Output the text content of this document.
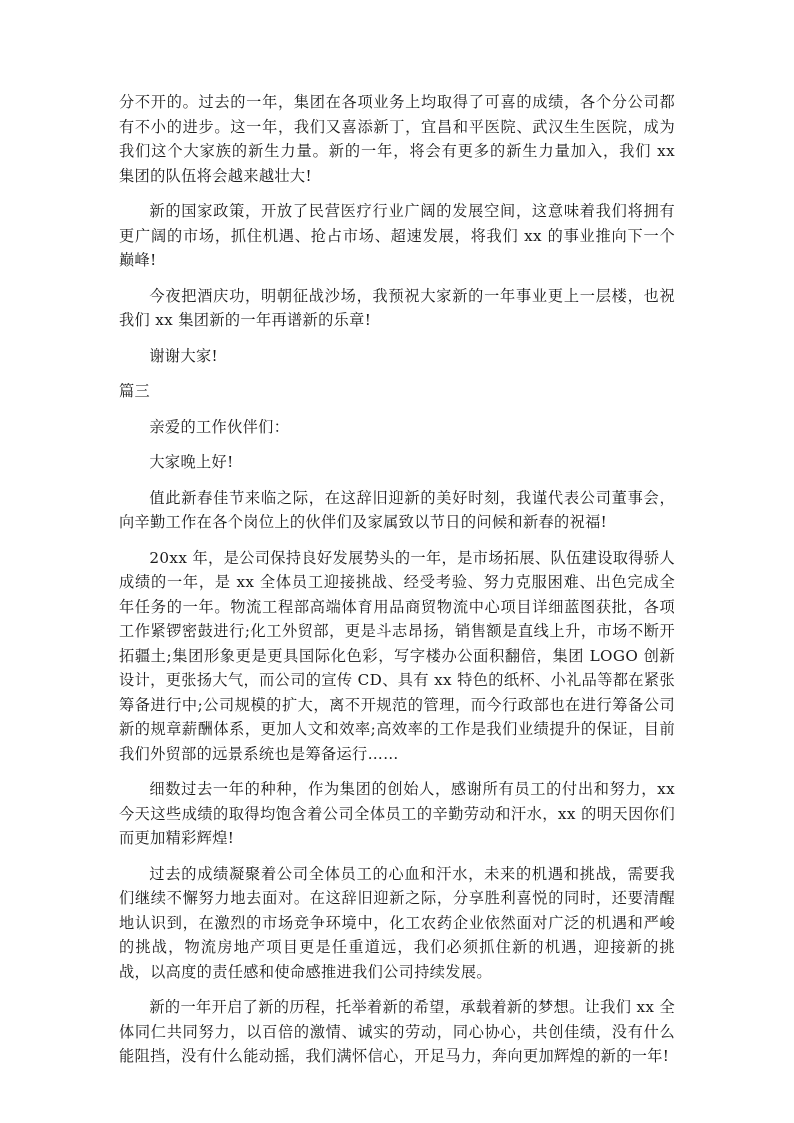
分不开的。过去的一年，集团在各项业务上均取得了可喜的成绩，各个分公司都有不小的进步。这一年，我们又喜添新丁，宜昌和平医院、武汉生生医院，成为我们这个大家族的新生力量。新的一年，将会有更多的新生力量加入，我们 xx 集团的队伍将会越来越壮大!

新的国家政策，开放了民营医疗行业广阔的发展空间，这意味着我们将拥有更广阔的市场，抓住机遇、抢占市场、超速发展，将我们 xx 的事业推向下一个巅峰!

今夜把酒庆功，明朝征战沙场，我预祝大家新的一年事业更上一层楼，也祝我们 xx 集团新的一年再谱新的乐章!

谢谢大家!

篇三

亲爱的工作伙伴们：

大家晚上好!

值此新春佳节来临之际，在这辞旧迎新的美好时刻，我谨代表公司董事会，向辛勤工作在各个岗位上的伙伴们及家属致以节日的问候和新春的祝福!

20xx 年，是公司保持良好发展势头的一年，是市场拓展、队伍建设取得骄人成绩的一年，是 xx 全体员工迎接挑战、经受考验、努力克服困难、出色完成全年任务的一年。物流工程部高端体育用品商贸物流中心项目详细蓝图获批，各项工作紧锣密鼓进行;化工外贸部，更是斗志昂扬，销售额是直线上升，市场不断开拓疆土;集团形象更是更具国际化色彩，写字楼办公面积翻倍，集团 LOGO 创新设计，更张扬大气，而公司的宣传 CD、具有 xx 特色的纸杯、小礼品等都在紧张筹备进行中;公司规模的扩大，离不开规范的管理，而今行政部也在进行筹备公司新的规章薪酬体系，更加人文和效率;高效率的工作是我们业绩提升的保证，目前我们外贸部的远景系统也是筹备运行……

细数过去一年的种种，作为集团的创始人，感谢所有员工的付出和努力，xx 今天这些成绩的取得均饱含着公司全体员工的辛勤劳动和汗水，xx 的明天因你们而更加精彩辉煌!

过去的成绩凝聚着公司全体员工的心血和汗水，未来的机遇和挑战，需要我们继续不懈努力地去面对。在这辞旧迎新之际，分享胜利喜悦的同时，还要清醒地认识到，在激烈的市场竞争环境中，化工农药企业依然面对广泛的机遇和严峻的挑战，物流房地产项目更是任重道远，我们必须抓住新的机遇，迎接新的挑战，以高度的责任感和使命感推进我们公司持续发展。

新的一年开启了新的历程，托举着新的希望，承载着新的梦想。让我们 xx 全体同仁共同努力，以百倍的激情、诚实的劳动，同心协心，共创佳绩，没有什么能阻挡，没有什么能动摇，我们满怀信心，开足马力，奔向更加辉煌的新的一年!
